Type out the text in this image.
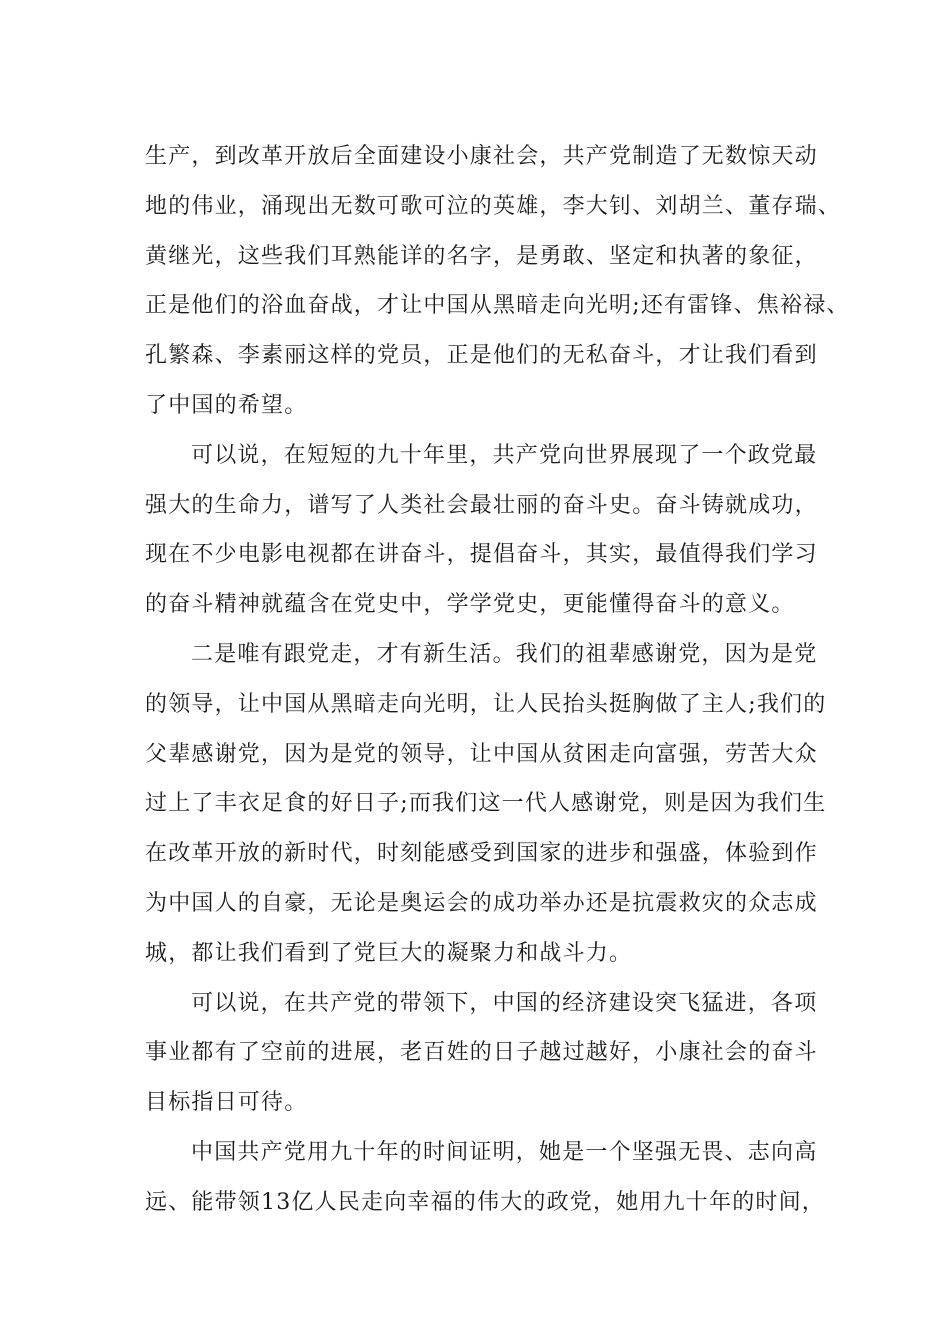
生产，到改革开放后全面建设小康社会，共产党制造了无数惊天动
地的伟业，涌现出无数可歌可泣的英雄，李大钊、刘胡兰、董存瑞、
黄继光，这些我们耳熟能详的名字，是勇敢、坚定和执著的象征，
正是他们的浴血奋战，才让中国从黑暗走向光明;还有雷锋、焦裕禄、
孔繁森、李素丽这样的党员，正是他们的无私奋斗，才让我们看到
了中国的希望。
可以说，在短短的九十年里，共产党向世界展现了一个政党最
强大的生命力，谱写了人类社会最壮丽的奋斗史。奋斗铸就成功，
现在不少电影电视都在讲奋斗，提倡奋斗，其实，最值得我们学习
的奋斗精神就蕴含在党史中，学学党史，更能懂得奋斗的意义。
二是唯有跟党走，才有新生活。我们的祖辈感谢党，因为是党
的领导，让中国从黑暗走向光明，让人民抬头挺胸做了主人;我们的
父辈感谢党，因为是党的领导，让中国从贫困走向富强，劳苦大众
过上了丰衣足食的好日子;而我们这一代人感谢党，则是因为我们生
在改革开放的新时代，时刻能感受到国家的进步和强盛，体验到作
为中国人的自豪，无论是奥运会的成功举办还是抗震救灾的众志成
城，都让我们看到了党巨大的凝聚力和战斗力。
可以说，在共产党的带领下，中国的经济建设突飞猛进，各项
事业都有了空前的进展，老百姓的日子越过越好，小康社会的奋斗
目标指日可待。
中国共产党用九十年的时间证明，她是一个坚强无畏、志向高
远、能带领13亿人民走向幸福的伟大的政党，她用九十年的时间，
